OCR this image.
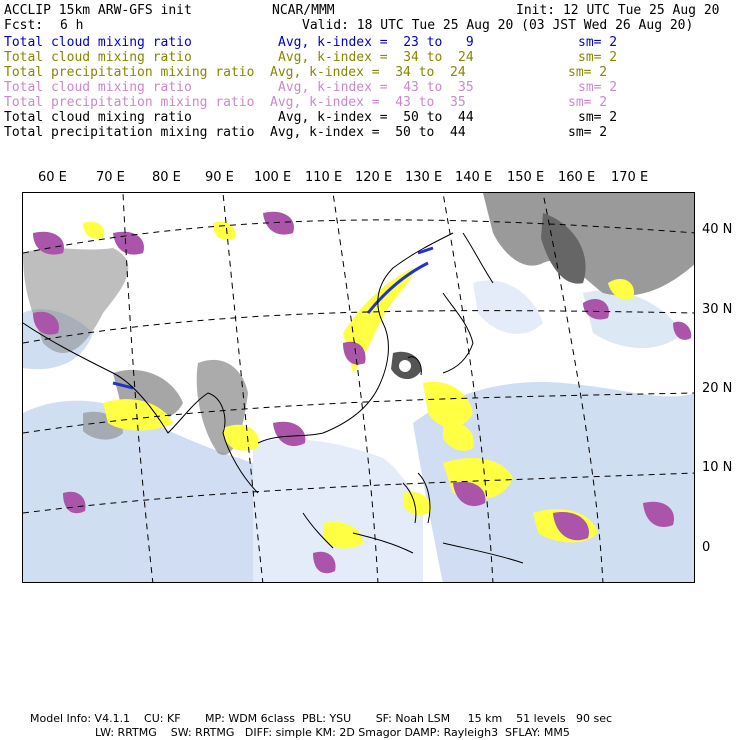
ACCLIP 15km ARW-GFS init	NCAR/MMM	Init: 12 UTC Tue 25 Aug 20
Fcst: 6 h	Valid: 18 UTC Tue 25 Aug 20 (03 JST Wed 26 Aug 20)
Total cloud mixing ratio	Avg, k-index =  23 to   9	sm= 2
Total cloud mixing ratio	Avg, k-index =  34 to  24	sm= 2
Total precipitation mixing ratio Avg, k-index =  34 to  24	sm= 2
Total cloud mixing ratio	Avg, k-index =  43 to  35	sm= 2
Total precipitation mixing ratio Avg, k-index =  43 to  35	sm= 2
Total cloud mixing ratio	Avg, k-index =  50 to  44	sm= 2
Total precipitation mixing ratio Avg, k-index =  50 to  44	sm= 2
60 E 70 E 80 E 90 E 100 E 110 E 120 E 130 E 140 E 150 E 160 E 170 E
40 N
30 N
20 N
10 N
0
Model Info: V4.1.1    CU: KF       MP: WDM 6class  PBL: YSU       SF: Noah LSM     15 km    51 levels   90 sec
LW: RRTMG    SW: RRTMG   DIFF: simple KM: 2D Smagor DAMP: Rayleigh3  SFLAY: MM5
